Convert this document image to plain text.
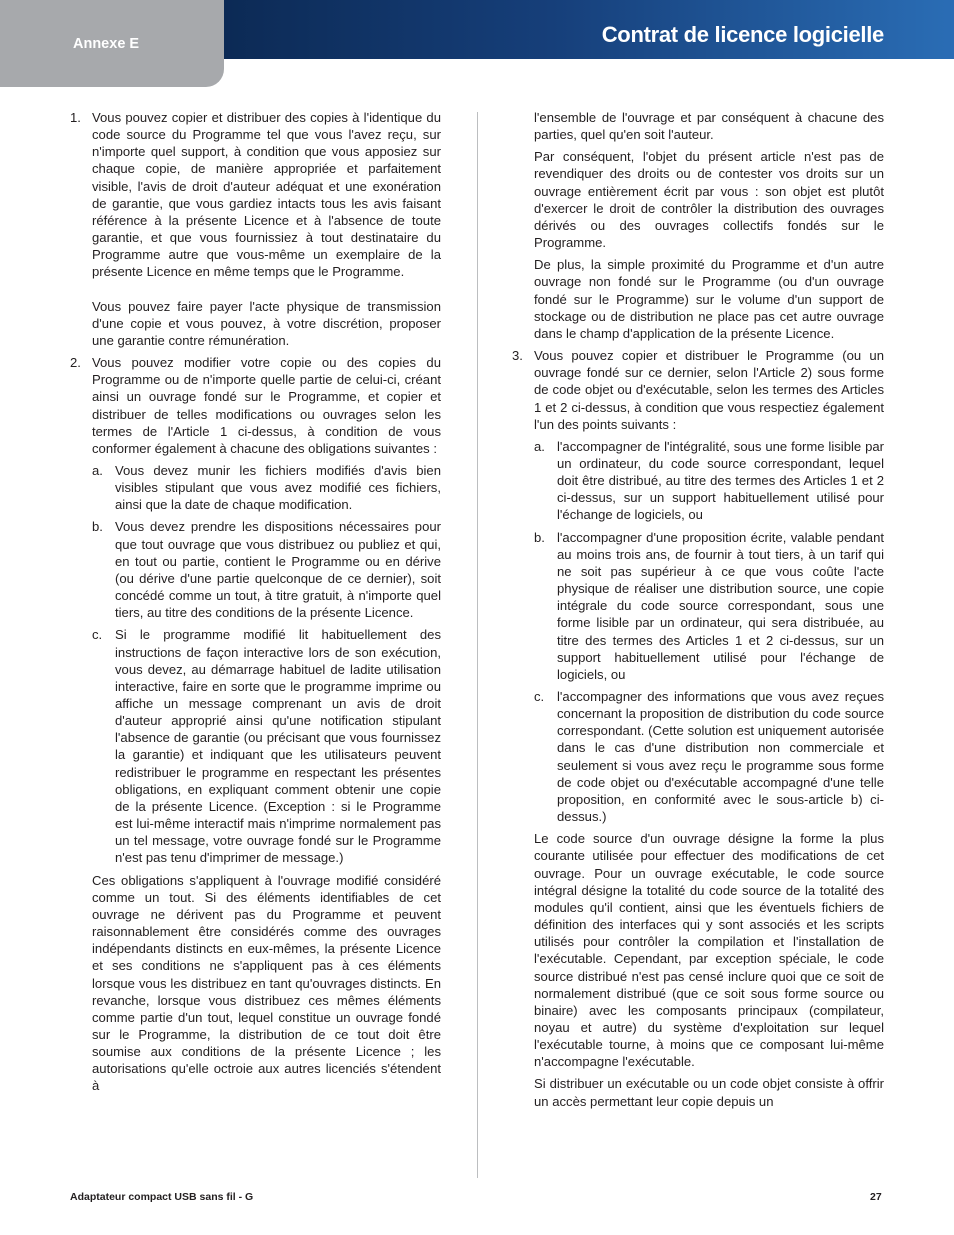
Annexe E	Contrat de licence logicielle
1. Vous pouvez copier et distribuer des copies à l'identique du code source du Programme tel que vous l'avez reçu, sur n'importe quel support, à condition que vous apposiez sur chaque copie, de manière appropriée et parfaitement visible, l'avis de droit d'auteur adéquat et une exonération de garantie, que vous gardiez intacts tous les avis faisant référence à la présente Licence et à l'absence de toute garantie, et que vous fournissiez à tout destinataire du Programme autre que vous-même un exemplaire de la présente Licence en même temps que le Programme.
Vous pouvez faire payer l'acte physique de transmission d'une copie et vous pouvez, à votre discrétion, proposer une garantie contre rémunération.
2. Vous pouvez modifier votre copie ou des copies du Programme ou de n'importe quelle partie de celui-ci, créant ainsi un ouvrage fondé sur le Programme, et copier et distribuer de telles modifications ou ouvrages selon les termes de l'Article 1 ci-dessus, à condition de vous conformer également à chacune des obligations suivantes :
a. Vous devez munir les fichiers modifiés d'avis bien visibles stipulant que vous avez modifié ces fichiers, ainsi que la date de chaque modification.
b. Vous devez prendre les dispositions nécessaires pour que tout ouvrage que vous distribuez ou publiez et qui, en tout ou partie, contient le Programme ou en dérive (ou dérive d'une partie quelconque de ce dernier), soit concédé comme un tout, à titre gratuit, à n'importe quel tiers, au titre des conditions de la présente Licence.
c. Si le programme modifié lit habituellement des instructions de façon interactive lors de son exécution, vous devez, au démarrage habituel de ladite utilisation interactive, faire en sorte que le programme imprime ou affiche un message comprenant un avis de droit d'auteur approprié ainsi qu'une notification stipulant l'absence de garantie (ou précisant que vous fournissez la garantie) et indiquant que les utilisateurs peuvent redistribuer le programme en respectant les présentes obligations, en expliquant comment obtenir une copie de la présente Licence. (Exception : si le Programme est lui-même interactif mais n'imprime normalement pas un tel message, votre ouvrage fondé sur le Programme n'est pas tenu d'imprimer de message.)
Ces obligations s'appliquent à l'ouvrage modifié considéré comme un tout. Si des éléments identifiables de cet ouvrage ne dérivent pas du Programme et peuvent raisonnablement être considérés comme des ouvrages indépendants distincts en eux-mêmes, la présente Licence et ses conditions ne s'appliquent pas à ces éléments lorsque vous les distribuez en tant qu'ouvrages distincts. En revanche, lorsque vous distribuez ces mêmes éléments comme partie d'un tout, lequel constitue un ouvrage fondé sur le Programme, la distribution de ce tout doit être soumise aux conditions de la présente Licence ; les autorisations qu'elle octroie aux autres licenciés s'étendent à
l'ensemble de l'ouvrage et par conséquent à chacune des parties, quel qu'en soit l'auteur.
Par conséquent, l'objet du présent article n'est pas de revendiquer des droits ou de contester vos droits sur un ouvrage entièrement écrit par vous : son objet est plutôt d'exercer le droit de contrôler la distribution des ouvrages dérivés ou des ouvrages collectifs fondés sur le Programme.
De plus, la simple proximité du Programme et d'un autre ouvrage non fondé sur le Programme (ou d'un ouvrage fondé sur le Programme) sur le volume d'un support de stockage ou de distribution ne place pas cet autre ouvrage dans le champ d'application de la présente Licence.
3. Vous pouvez copier et distribuer le Programme (ou un ouvrage fondé sur ce dernier, selon l'Article 2) sous forme de code objet ou d'exécutable, selon les termes des Articles 1 et 2 ci-dessus, à condition que vous respectiez également l'un des points suivants :
a. l'accompagner de l'intégralité, sous une forme lisible par un ordinateur, du code source correspondant, lequel doit être distribué, au titre des termes des Articles 1 et 2 ci-dessus, sur un support habituellement utilisé pour l'échange de logiciels, ou
b. l'accompagner d'une proposition écrite, valable pendant au moins trois ans, de fournir à tout tiers, à un tarif qui ne soit pas supérieur à ce que vous coûte l'acte physique de réaliser une distribution source, une copie intégrale du code source correspondant, sous une forme lisible par un ordinateur, qui sera distribuée, au titre des termes des Articles 1 et 2 ci-dessus, sur un support habituellement utilisé pour l'échange de logiciels, ou
c. l'accompagner des informations que vous avez reçues concernant la proposition de distribution du code source correspondant. (Cette solution est uniquement autorisée dans le cas d'une distribution non commerciale et seulement si vous avez reçu le programme sous forme de code objet ou d'exécutable accompagné d'une telle proposition, en conformité avec le sous-article b) ci-dessus.)
Le code source d'un ouvrage désigne la forme la plus courante utilisée pour effectuer des modifications de cet ouvrage. Pour un ouvrage exécutable, le code source intégral désigne la totalité du code source de la totalité des modules qu'il contient, ainsi que les éventuels fichiers de définition des interfaces qui y sont associés et les scripts utilisés pour contrôler la compilation et l'installation de l'exécutable. Cependant, par exception spéciale, le code source distribué n'est pas censé inclure quoi que ce soit de normalement distribué (que ce soit sous forme source ou binaire) avec les composants principaux (compilateur, noyau et autre) du système d'exploitation sur lequel l'exécutable tourne, à moins que ce composant lui-même n'accompagne l'exécutable.
Si distribuer un exécutable ou un code objet consiste à offrir un accès permettant leur copie depuis un
Adaptateur compact USB sans fil - G	27
